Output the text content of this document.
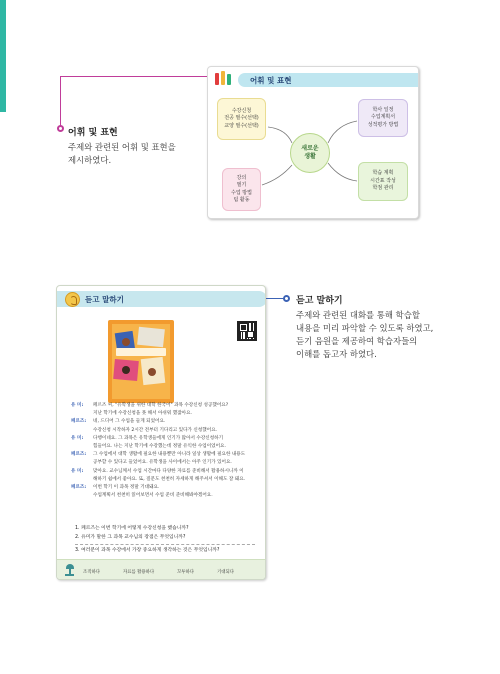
어휘 및 표현
주제와 관련된 어휘 및 표현을
제시하였다.
어휘 및 표현
수강신청
전공 필수(선택)
교양 필수(선택)
학사 일정
수업계획서
성적평가 방법
새로운
생활
강의
필기
수업 방법
팀 활동
학습 계획
시간표 작성
학점 관리
듣고 말하기
유 미:	페르즈 씨, "유학생을 위한 대학 한국어" 과목 수강신청 성공했어요?
지난 학기에 수강신청을 못 해서 아쉬워 했잖아요.
페르즈:	네, 드디어 그 수업을 들게 되었어요.
수강신청 시작하자 2시간 전부터 기다리고 있다가 신청했어요.
유 미:	다행이네요. 그 과목은 유학생들에게 인기가 많아서 수강신청하기
힘들어요. 나는 지난 학기에 수강했는데 정말 유익한 수업이었어요.
페르즈:	그 수업에서 대학 생활에 필요한 내용뿐만 아니라 일상 생활에 필요한 내용도
공부할 수 있다고 들었어요. 유학생을 사이에서는 아주 인기가 있어요.
유 미:	맞아요. 교수님께서 수업 시간마다 다양한 자료를 준비해서 활용하시니까 이
해하기 쉽에서 좋아요. 또, 질문도 천천히 자세하게 해주셔서 이해도 잘 돼요.
페르즈:	이번 학기 이 과목 정말 기대돼요.
수업계획서 천천히 읽어보면서 수업 준비 준비해봐야겠어요.
1. 페르즈는 이번 학기에 어떻게 수강신청을 했습니까?
2. 유미가 말한 그 과목 교수님의 장점은 무엇입니까?
3. 여러분이 과목 수강에서 가장 중요하게 생각하는 것은 무엇입니까?
조직하다	자료를 활용하다	꼬투하다	기대되다
듣고 말하기
주제와 관련된 대화를 통해 학습할
내용을 미리 파악할 수 있도록 하였고,
듣기 음원을 제공하여 학습자들의
이해를 돕고자 하였다.
